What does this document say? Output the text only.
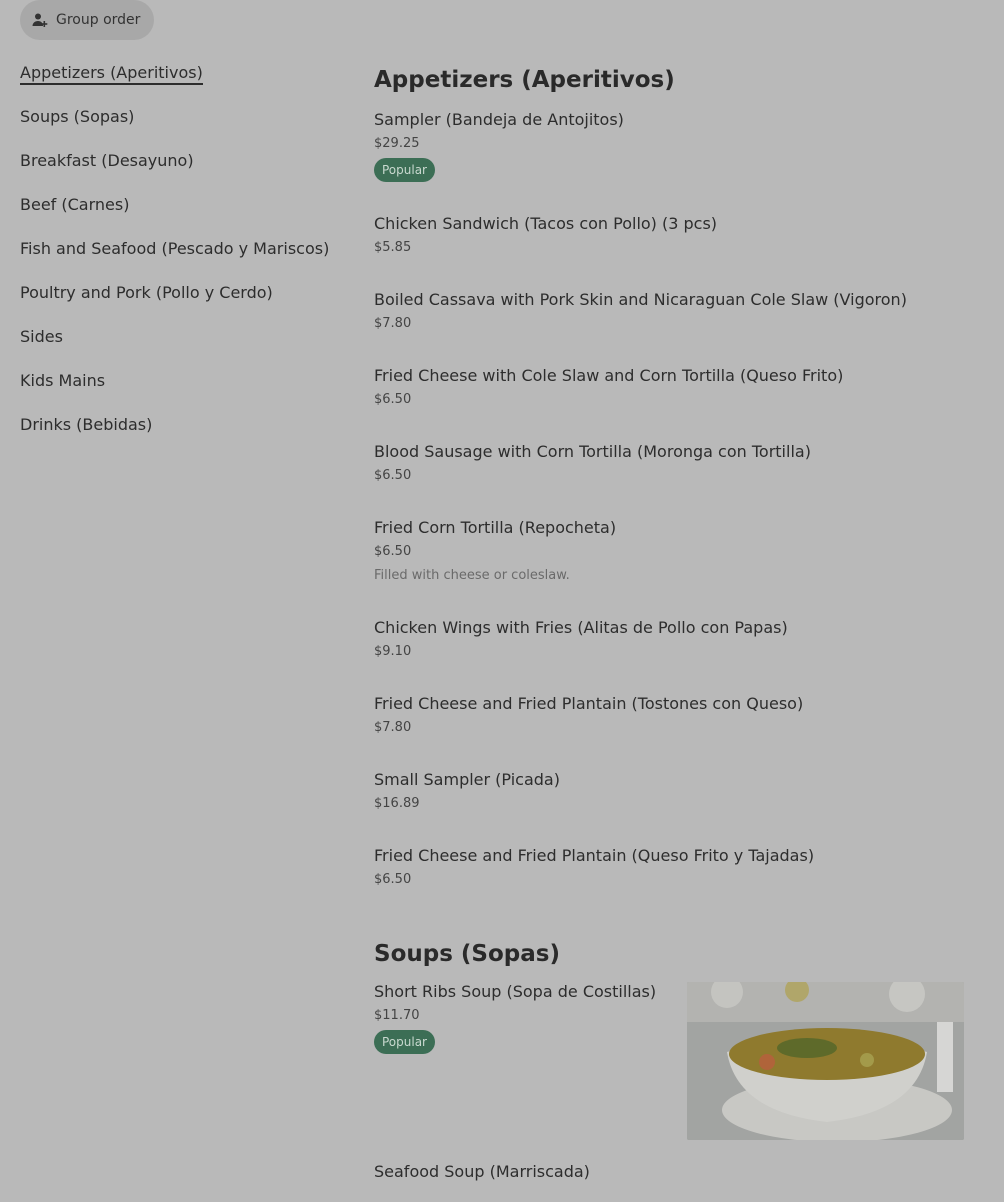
Group order
Appetizers (Aperitivos)
Soups (Sopas)
Breakfast (Desayuno)
Beef (Carnes)
Fish and Seafood (Pescado y Mariscos)
Poultry and Pork (Pollo y Cerdo)
Sides
Kids Mains
Drinks (Bebidas)
Appetizers (Aperitivos)
Sampler (Bandeja de Antojitos)
$29.25
Popular
Chicken Sandwich (Tacos con Pollo) (3 pcs)
$5.85
Boiled Cassava with Pork Skin and Nicaraguan Cole Slaw (Vigoron)
$7.80
Fried Cheese with Cole Slaw and Corn Tortilla (Queso Frito)
$6.50
Blood Sausage with Corn Tortilla (Moronga con Tortilla)
$6.50
Fried Corn Tortilla (Repocheta)
$6.50
Filled with cheese or coleslaw.
Chicken Wings with Fries (Alitas de Pollo con Papas)
$9.10
Fried Cheese and Fried Plantain (Tostones con Queso)
$7.80
Small Sampler (Picada)
$16.89
Fried Cheese and Fried Plantain (Queso Frito y Tajadas)
$6.50
Soups (Sopas)
Short Ribs Soup (Sopa de Costillas)
$11.70
Popular
Seafood Soup (Marriscada)
